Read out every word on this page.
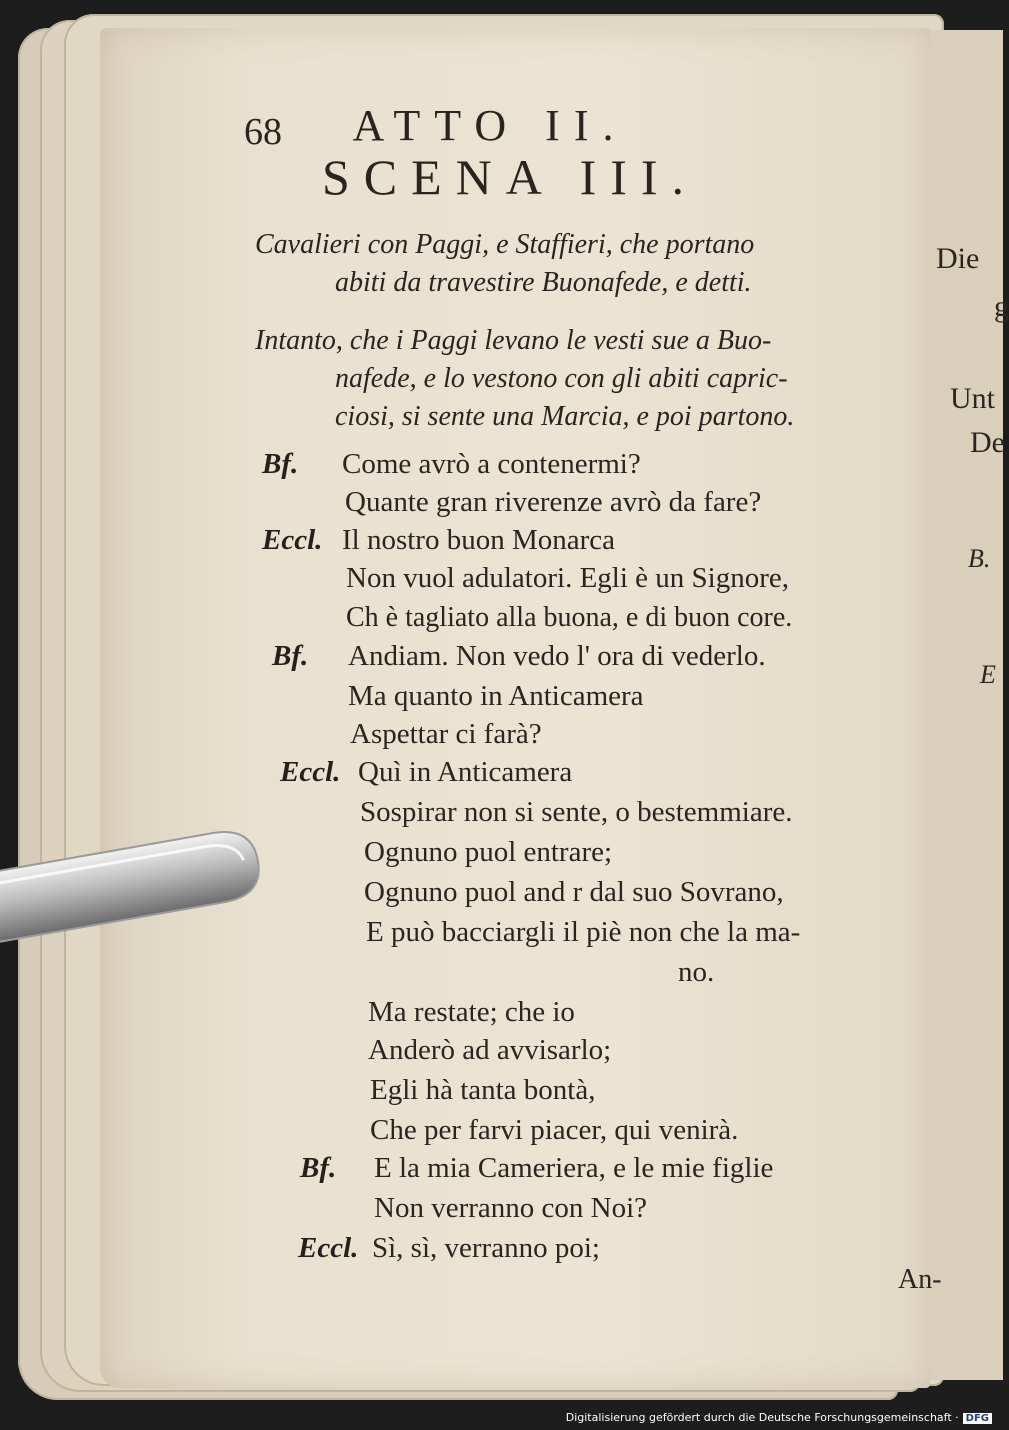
Die
g
Unt
De
B.
E
68	ATTO II.
SCENA III.
Cavalieri con Paggi, e Staffieri, che portano
abiti da travestire Buonafede, e detti.
Intanto, che i Paggi levano le vesti sue a Buo-
nafede, e lo vestono con gli abiti capric-
ciosi, si sente una Marcia, e poi partono.
Bf.
Eccl.
Bf.
Eccl.
Bf.
Eccl.
Come avrò a contenermi?
Quante gran riverenze avrò da fare?
Il nostro buon Monarca
Non vuol adulatori. Egli è un Signore,
Ch è tagliato alla buona, e di buon core.
Andiam. Non vedo l' ora di vederlo.
Ma quanto in Anticamera
Aspettar ci farà?
Quì in Anticamera
Sospirar non si sente, o bestemmiare.
Ognuno puol entrare;
Ognuno puol and r dal suo Sovrano,
E può bacciargli il piè non che la ma-
no.
Ma restate; che io
Anderò ad avvisarlo;
Egli hà tanta bontà,
Che per farvi piacer, qui venirà.
E la mia Cameriera, e le mie figlie
Non verranno con Noi?
Sì, sì, verranno poi;
An-
Digitalisierung gefördert durch die Deutsche Forschungsgemeinschaft · DFG
